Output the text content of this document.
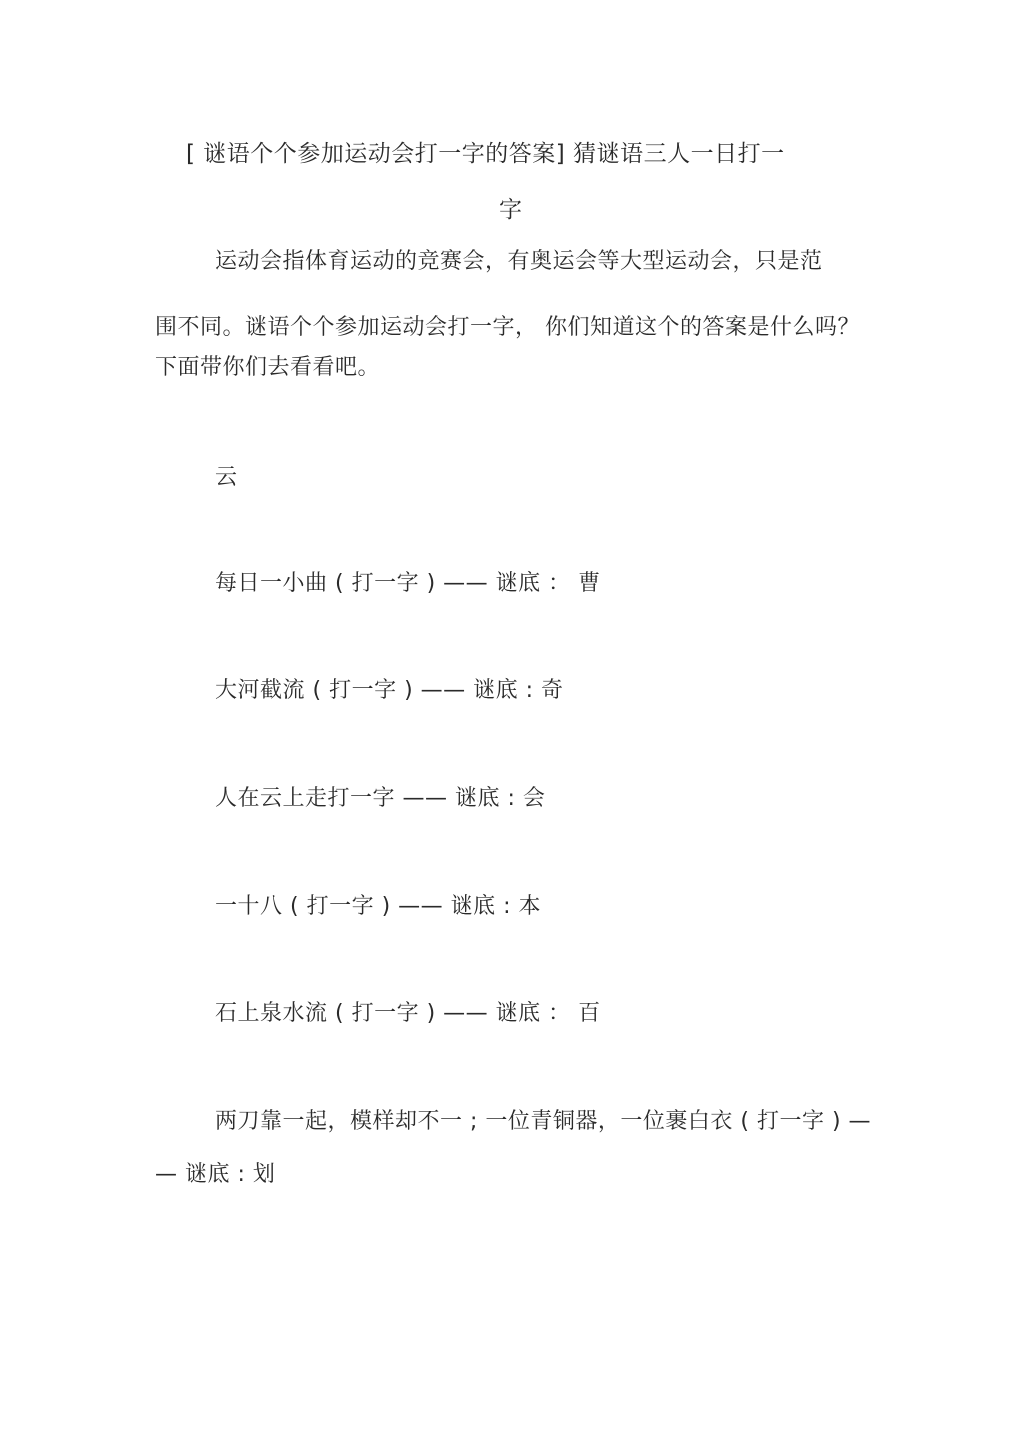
[ 谜语个个参加运动会打一字的答案] 猜谜语三人一日打一
字
运动会指体育运动的竞赛会，有奥运会等大型运动会，只是范
围不同。谜语个个参加运动会打一字， 你们知道这个的答案是什么吗？
下面带你们去看看吧。
云
每日一小曲 ( 打一字 ) —— 谜底 ： 曹
大河截流 ( 打一字 ) —— 谜底 : 奇
人在云上走打一字 —— 谜底 : 会
一十八 ( 打一字 ) —— 谜底 : 本
石上泉水流 ( 打一字 ) —— 谜底 ： 百
两刀靠一起，模样却不一 ; 一位青铜器，一位裹白衣 ( 打一字 ) —
— 谜底 : 划
